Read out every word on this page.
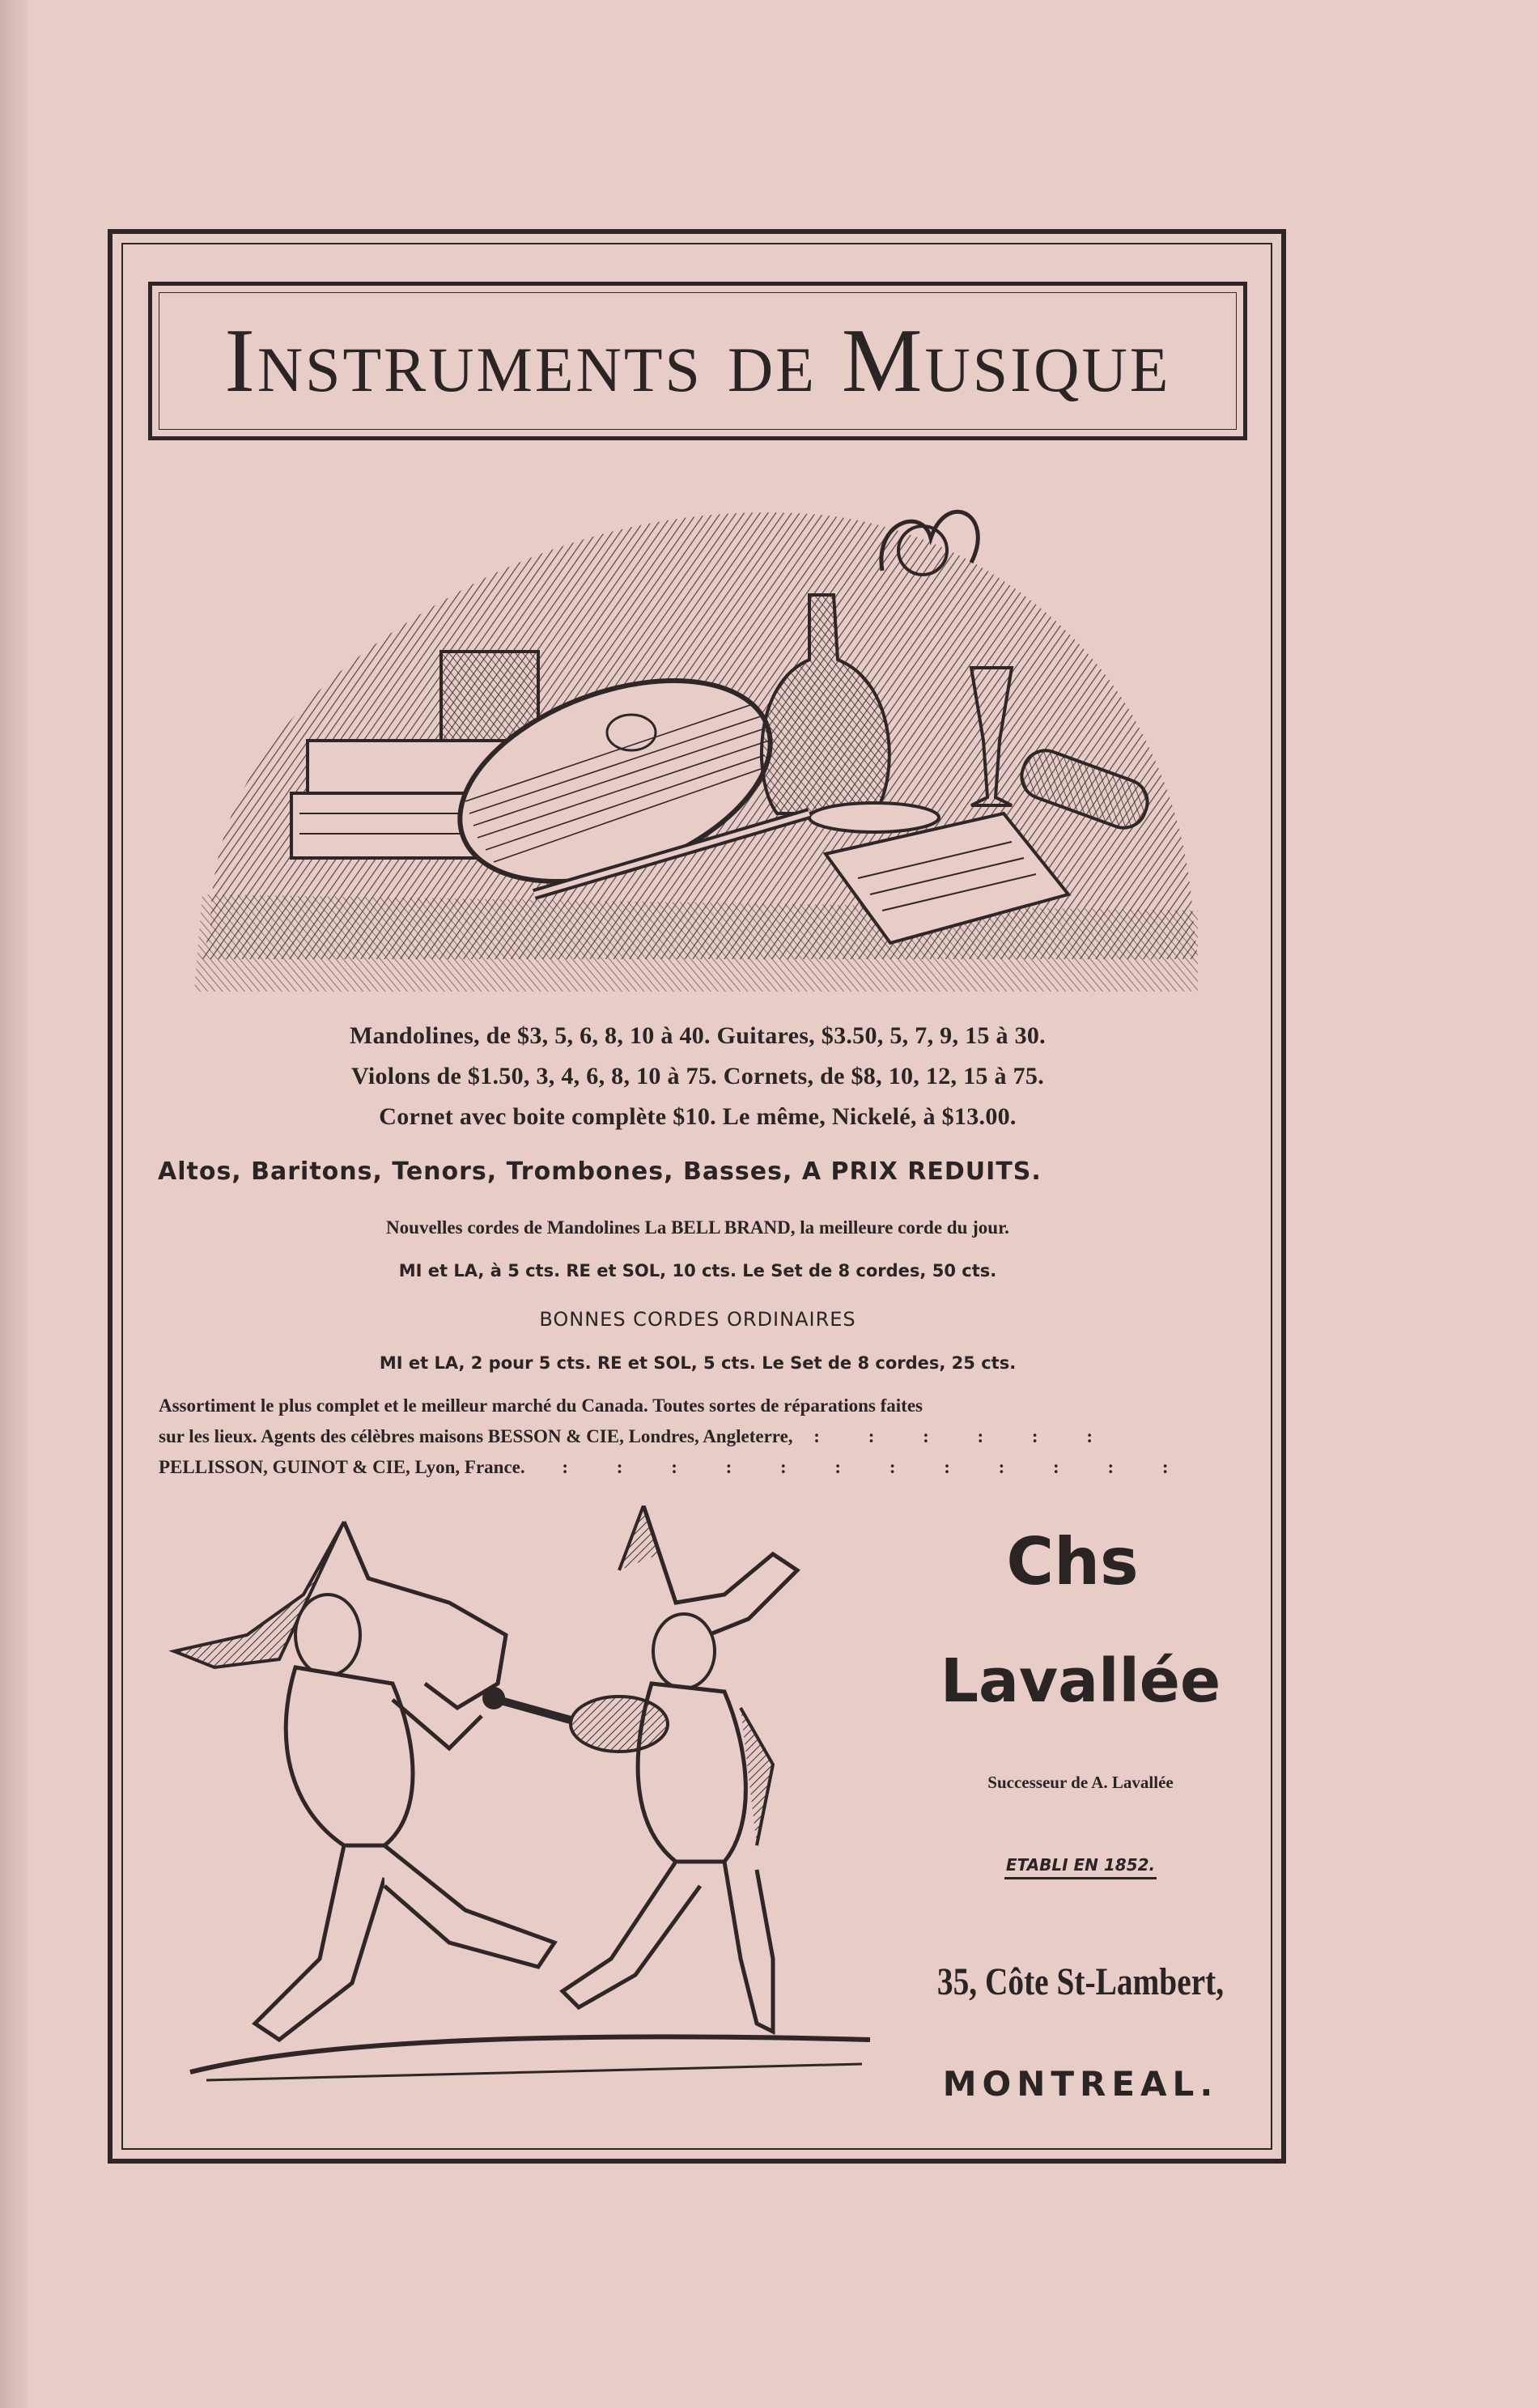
Instruments de Musique
Mandolines, de $3, 5, 6, 8, 10 à 40. Guitares, $3.50, 5, 7, 9, 15 à 30.
Violons de $1.50, 3, 4, 6, 8, 10 à 75. Cornets, de $8, 10, 12, 15 à 75.
Cornet avec boite complète $10. Le même, Nickelé, à $13.00.
Altos, Baritons, Tenors, Trombones, Basses, A PRIX REDUITS.
Nouvelles cordes de Mandolines La BELL BRAND, la meilleure corde du jour.
MI et LA, à 5 cts. RE et SOL, 10 cts. Le Set de 8 cordes, 50 cts.
BONNES CORDES ORDINAIRES
MI et LA, 2 pour 5 cts. RE et SOL, 5 cts. Le Set de 8 cordes, 25 cts.
Assortiment le plus complet et le meilleur marché du Canada. Toutes sortes de réparations faites
sur les lieux. Agents des célèbres maisons BESSON & CIE, Londres, Angleterre, : : : : : :
PELLISSON, GUINOT & CIE, Lyon, France. : : : : : : : : : : : :
Chs
Lavallée
Successeur de A. Lavallée
ETABLI EN 1852.
35, Côte St-Lambert,
MONTREAL.
